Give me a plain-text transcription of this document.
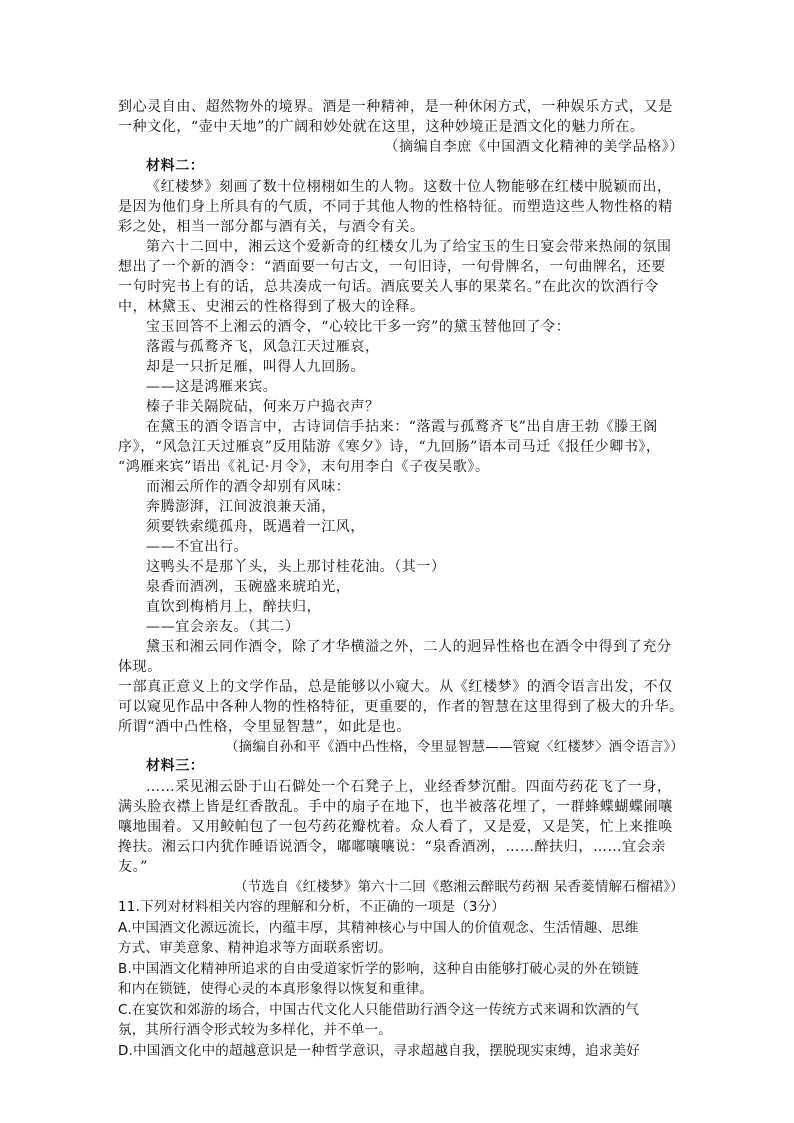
到心灵自由、超然物外的境界。酒是一种精神，是一种休闲方式，一种娱乐方式，又是
一种文化，“壶中天地”的广阔和妙处就在这里，这种妙境正是酒文化的魅力所在。
（摘编自李庶《中国酒文化精神的美学品格》）
材料二：
《红楼梦》刻画了数十位栩栩如生的人物。这数十位人物能够在红楼中脱颖而出，
是因为他们身上所具有的气质，不同于其他人物的性格特征。而塑造这些人物性格的精
彩之处，相当一部分都与酒有关，与酒令有关。
第六十二回中，湘云这个爱新奇的红楼女儿为了给宝玉的生日宴会带来热闹的氛围
想出了一个新的酒令：“酒面要一句古文，一句旧诗，一句骨牌名，一句曲牌名，还要
一句时宪书上有的话，总共凑成一句话。酒底要关人事的果菜名。”在此次的饮酒行令
中，林黛玉、史湘云的性格得到了极大的诠释。
宝玉回答不上湘云的酒令，“心较比干多一窍”的黛玉替他回了令：
落霞与孤鹜齐飞，风急江天过雁哀，
却是一只折足雁，叫得人九回肠。
——这是鸿雁来宾。
榛子非关隔院砧，何来万户捣衣声？
在黛玉的酒令语言中，古诗词信手拈来：“落霞与孤鹜齐飞”出自唐王勃《滕王阁
序》，“风急江天过雁哀”反用陆游《寒夕》诗，“九回肠”语本司马迁《报任少卿书》，
“鸿雁来宾”语出《礼记·月令》，末句用李白《子夜吴歌》。
而湘云所作的酒令却别有风味：
奔腾澎湃，江间波浪兼天涌，
须要铁索缆孤舟，既遇着一江风，
——不宜出行。
这鸭头不是那丫头，头上那讨桂花油。（其一）
泉香而酒冽，玉碗盛来琥珀光，
直饮到梅梢月上，醉扶归，
——宜会亲友。（其二）
黛玉和湘云同作酒令，除了才华横溢之外，二人的迥异性格也在酒令中得到了充分
体现。
一部真正意义上的文学作品，总是能够以小窥大。从《红楼梦》的酒令语言出发，不仅
可以窥见作品中各种人物的性格特征，更重要的，作者的智慧在这里得到了极大的升华。
所谓“酒中凸性格，令里显智慧”，如此是也。
（摘编自孙和平《酒中凸性格，令里显智慧——管窥〈红楼梦〉酒令语言》）
材料三：
……采见湘云卧于山石僻处一个石凳子上，业经香梦沉酣。四面芍药花飞了一身，
满头脸衣襟上皆是红香散乱。手中的扇子在地下，也半被落花埋了，一群蜂蝶蝴蝶闹嚷
嚷地围着。又用鲛帕包了一包芍药花瓣枕着。众人看了，又是爱，又是笑，忙上来推唤
搀扶。湘云口内犹作睡语说酒令，嘟嘟嚷嚷说：“泉香酒冽，……醉扶归，……宜会亲
友。”
（节选自《红楼梦》第六十二回《憨湘云醉眠芍药裀 呆香菱情解石榴裙》）
11.下列对材料相关内容的理解和分析，不正确的一项是（3分）
A.中国酒文化源远流长，内蕴丰厚，其精神核心与中国人的价值观念、生活情趣、思维
方式、审美意象、精神追求等方面联系密切。
B.中国酒文化精神所追求的自由受道家忻学的影响，这种自由能够打破心灵的外在锁链
和内在锁链，使得心灵的本真形象得以恢复和重律。
C.在宴饮和郊游的场合，中国古代文化人只能借助行酒令这一传统方式来调和饮酒的气
氛，其所行酒令形式较为多样化，并不单一。
D.中国酒文化中的超越意识是一种哲学意识，寻求超越自我，摆脱现实束缚，追求美好
